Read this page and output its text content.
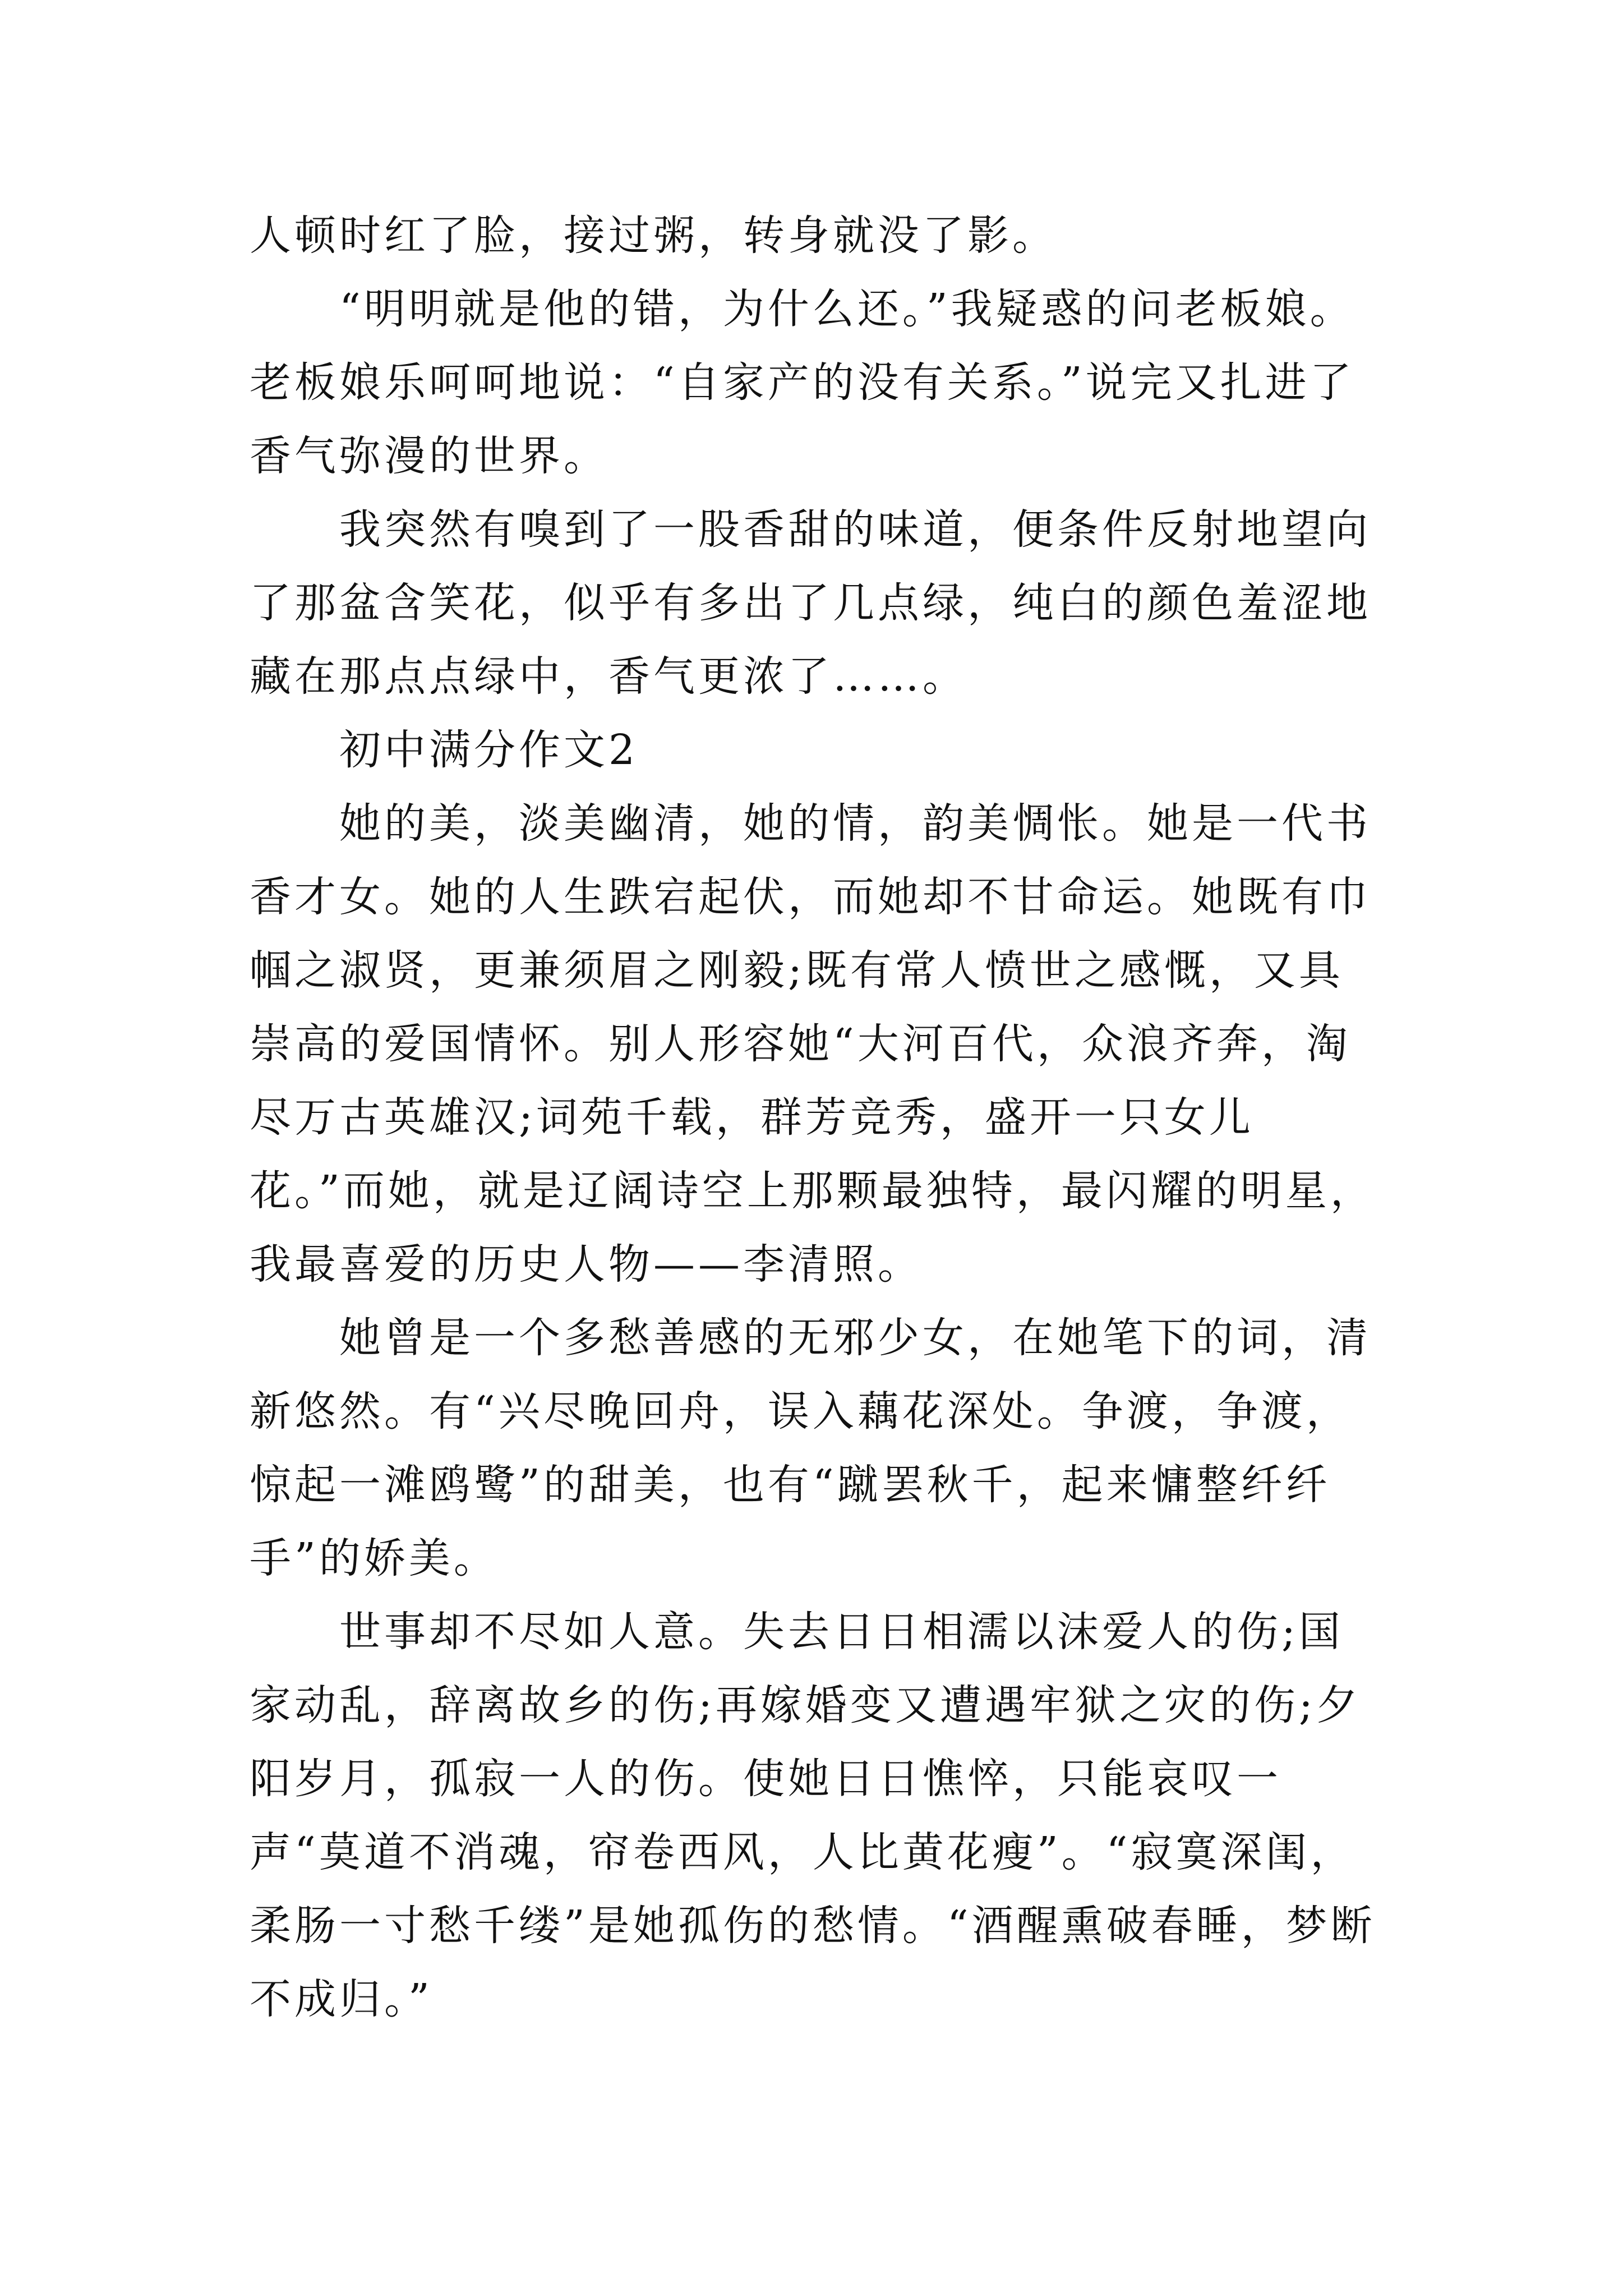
人顿时红了脸，接过粥，转身就没了影。

“明明就是他的错，为什么还。”我疑惑的问老板娘。老板娘乐呵呵地说：“自家产的没有关系。”说完又扎进了香气弥漫的世界。

我突然有嗅到了一股香甜的味道，便条件反射地望向了那盆含笑花，似乎有多出了几点绿，纯白的颜色羞涩地藏在那点点绿中，香气更浓了……。

初中满分作文2

她的美，淡美幽清，她的情，韵美惆怅。她是一代书香才女。她的人生跌宕起伏，而她却不甘命运。她既有巾帼之淑贤，更兼须眉之刚毅;既有常人愤世之感慨，又具崇高的爱国情怀。别人形容她“大河百代，众浪齐奔，淘尽万古英雄汉;词苑千载，群芳竞秀，盛开一只女儿花。”而她，就是辽阔诗空上那颗最独特，最闪耀的明星，我最喜爱的历史人物——李清照。

她曾是一个多愁善感的无邪少女，在她笔下的词，清新悠然。有“兴尽晚回舟，误入藕花深处。争渡，争渡，惊起一滩鸥鹭”的甜美，也有“蹴罢秋千，起来慵整纤纤手”的娇美。

世事却不尽如人意。失去日日相濡以沫爱人的伤;国家动乱，辞离故乡的伤;再嫁婚变又遭遇牢狱之灾的伤;夕阳岁月，孤寂一人的伤。使她日日憔悴，只能哀叹一声“莫道不消魂，帘卷西风，人比黄花瘦”。“寂寞深闺，柔肠一寸愁千缕”是她孤伤的愁情。“酒醒熏破春睡，梦断不成归。”
